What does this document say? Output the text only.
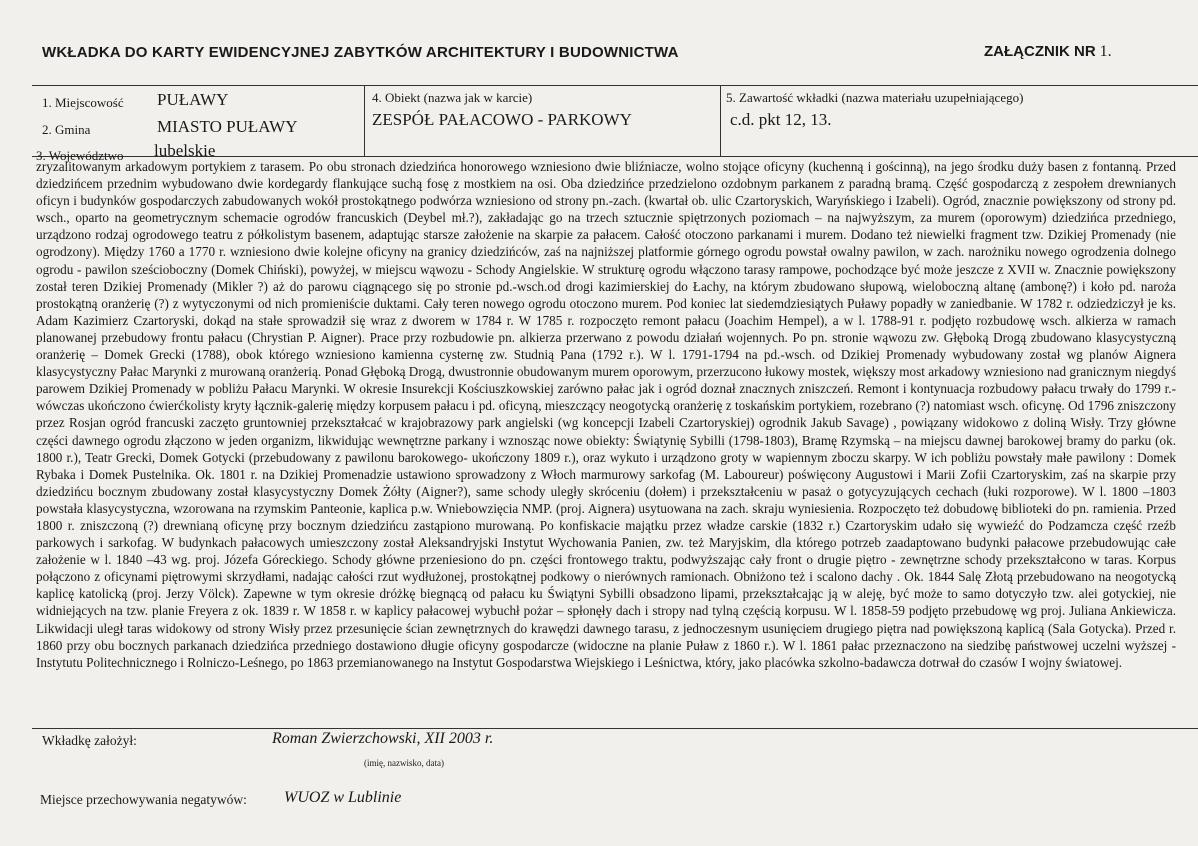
WKŁADKA DO KARTY EWIDENCYJNEJ ZABYTKÓW ARCHITEKTURY I BUDOWNICTWA	ZAŁĄCZNIK NR 1.
1. Miejscowość PUŁAWY
2. Gmina	MIASTO PUŁAWY
3. Województwo lubelskie
4. Obiekt (nazwa jak w karcie)
ZESPÓŁ PAŁACOWO - PARKOWY
5. Zawartość wkładki (nazwa materiału uzupełniającego)
c.d. pkt 12, 13.

zryzalitowanym arkadowym portykiem z tarasem. Po obu stronach dziedzińca honorowego wzniesiono dwie bliźniacze, wolno stojące oficyny (kuchenną i gościnną), na jego środku duży basen z fontanną. Przed dziedzińcem przednim wybudowano dwie kordegardy flankujące suchą fosę z mostkiem na osi. Oba dziedzińce przedzielono ozdobnym parkanem z paradną bramą. Część gospodarczą z zespołem drewnianych oficyn i budynków gospodarczych zabudowanych wokół prostokątnego podwórza wzniesiono od strony pn.-zach. (kwartał ob. ulic Czartoryskich, Waryńskiego i Izabeli). Ogród, znacznie powiększony od strony pd. wsch., oparto na geometrycznym schemacie ogrodów francuskich (Deybel mł.?), zakładając go na trzech sztucznie spiętrzonych poziomach – na najwyższym, za murem (oporowym) dziedzińca przedniego, urządzono rodzaj ogrodowego teatru z półkolistym basenem, adaptując starsze założenie na skarpie za pałacem. Całość otoczono parkanami i murem. Dodano też niewielki fragment tzw. Dzikiej Promenady (nie ogrodzony). Między 1760 a 1770 r. wzniesiono dwie kolejne oficyny na granicy dziedzińców, zaś na najniższej platformie górnego ogrodu powstał owalny pawilon, w zach. narożniku nowego ogrodzenia dolnego ogrodu - pawilon sześcioboczny (Domek Chiński), powyżej, w miejscu wąwozu - Schody Angielskie. W strukturę ogrodu włączono tarasy rampowe, pochodzące być może jeszcze z XVII w. Znacznie powiększony został teren Dzikiej Promenady (Mikler ?) aż do parowu ciągnącego się po stronie pd.-wsch.od drogi kazimierskiej do Łachy, na którym zbudowano słupową, wieloboczną altanę (ambonę?) i koło pd. naroża prostokątną oranżerię (?) z wytyczonymi od nich promieniście duktami. Cały teren nowego ogrodu otoczono murem. Pod koniec lat siedemdziesiątych Puławy popadły w zaniedbanie. W 1782 r. odziedziczył je ks. Adam Kazimierz Czartoryski, dokąd na stałe sprowadził się wraz z dworem w 1784 r. W 1785 r. rozpoczęto remont pałacu (Joachim Hempel), a w l. 1788-91 r. podjęto rozbudowę wsch. alkierza w ramach planowanej przebudowy frontu pałacu (Chrystian P. Aigner). Prace przy rozbudowie pn. alkierza przerwano z powodu działań wojennych. Po pn. stronie wąwozu zw. Głęboką Drogą zbudowano klasycystyczną oranżerię – Domek Grecki (1788), obok którego wzniesiono kamienna cysternę zw. Studnią Pana (1792 r.). W l. 1791-1794 na pd.-wsch. od Dzikiej Promenady wybudowany został wg planów Aignera klasycystyczny Pałac Marynki z murowaną oranżerią. Ponad Głęboką Drogą, dwustronnie obudowanym murem oporowym, przerzucono łukowy mostek, większy most arkadowy wzniesiono nad granicznym niegdyś parowem Dzikiej Promenady w pobliżu Pałacu Marynki. W okresie Insurekcji Kościuszkowskiej zarówno pałac jak i ogród doznał znacznych zniszczeń. Remont i kontynuacja rozbudowy pałacu trwały do 1799 r.- wówczas ukończono ćwierćkolisty kryty łącznik-galerię między korpusem pałacu i pd. oficyną, mieszczący neogotycką oranżerię z toskańskim portykiem, rozebrano (?) natomiast wsch. oficynę. Od 1796 zniszczony przez Rosjan ogród francuski zaczęto gruntowniej przekształcać w krajobrazowy park angielski (wg koncepcji Izabeli Czartoryskiej) ogrodnik Jakub Savage) , powiązany widokowo z doliną Wisły. Trzy główne części dawnego ogrodu złączono w jeden organizm, likwidując wewnętrzne parkany i wznosząc nowe obiekty: Świątynię Sybilli (1798-1803), Bramę Rzymską – na miejscu dawnej barokowej bramy do parku (ok. 1800 r.), Teatr Grecki, Domek Gotycki (przebudowany z pawilonu barokowego- ukończony 1809 r.), oraz wykuto i urządzono groty w wapiennym zboczu skarpy. W ich pobliżu powstały małe pawilony : Domek Rybaka i Domek Pustelnika. Ok. 1801 r. na Dzikiej Promenadzie ustawiono sprowadzony z Włoch marmurowy sarkofag (M. Laboureur) poświęcony Augustowi i Marii Zofii Czartoryskim, zaś na skarpie przy dziedzińcu bocznym zbudowany został klasycystyczny Domek Żółty (Aigner?), same schody uległy skróceniu (dołem) i przekształceniu w pasaż o gotycyzujących cechach (łuki rozporowe). W l. 1800 –1803 powstała klasycystyczna, wzorowana na rzymskim Panteonie, kaplica p.w. Wniebowzięcia NMP. (proj. Aignera) usytuowana na zach. skraju wyniesienia. Rozpoczęto też dobudowę biblioteki do pn. ramienia. Przed 1800 r. zniszczoną (?) drewnianą oficynę przy bocznym dziedzińcu zastąpiono murowaną. Po konfiskacie majątku przez władze carskie (1832 r.) Czartoryskim udało się wywieźć do Podzamcza część rzeźb parkowych i sarkofag. W budynkach pałacowych umieszczony został Aleksandryjski Instytut Wychowania Panien, zw. też Maryjskim, dla którego potrzeb zaadaptowano budynki pałacowe przebudowując całe założenie w l. 1840 –43 wg. proj. Józefa Góreckiego. Schody główne przeniesiono do pn. części frontowego traktu, podwyższając cały front o drugie piętro - zewnętrzne schody przekształcono w taras. Korpus połączono z oficynami piętrowymi skrzydłami, nadając całości rzut wydłużonej, prostokątnej podkowy o nierównych ramionach. Obniżono też i scalono dachy . Ok. 1844 Salę Złotą przebudowano na neogotycką kaplicę katolicką (proj. Jerzy Völck). Zapewne w tym okresie dróżkę biegnącą od pałacu ku Świątyni Sybilli obsadzono lipami, przekształcając ją w aleję, być może to samo dotyczyło tzw. alei gotyckiej, nie widniejących na tzw. planie Freyera z ok. 1839 r. W 1858 r. w kaplicy pałacowej wybuchł pożar – spłonęły dach i stropy nad tylną częścią korpusu. W l. 1858-59 podjęto przebudowę wg proj. Juliana Ankiewicza. Likwidacji uległ taras widokowy od strony Wisły przez przesunięcie ścian zewnętrznych do krawędzi dawnego tarasu, z jednoczesnym usunięciem drugiego piętra nad powiększoną kaplicą (Sala Gotycka). Przed r. 1860 przy obu bocznych parkanach dziedzińca przedniego dostawiono długie oficyny gospodarcze (widoczne na planie Puław z 1860 r.). W l. 1861 pałac przeznaczono na siedzibę państwowej uczelni wyższej - Instytutu Politechnicznego i Rolniczo-Leśnego, po 1863 przemianowanego na Instytut Gospodarstwa Wiejskiego i Leśnictwa, który, jako placówka szkolno-badawcza dotrwał do czasów I wojny światowej.

Wkładkę założył:	Roman Zwierzchowski, XII 2003 r.
(imię, nazwisko, data)
Miejsce przechowywania negatywów: WUOZ w Lublinie
